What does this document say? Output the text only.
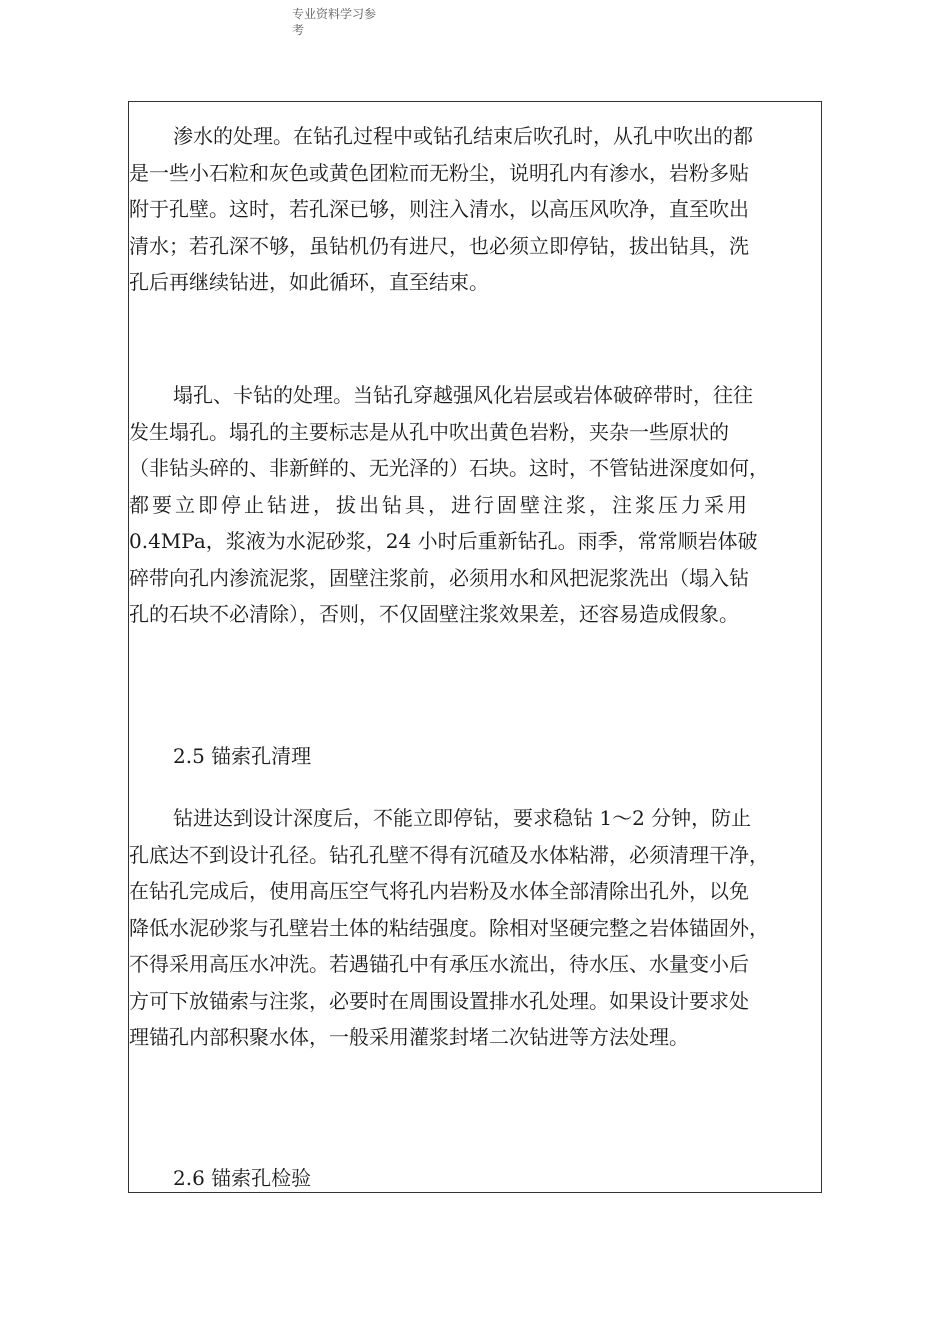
专业资料学习参
考
渗水的处理。在钻孔过程中或钻孔结束后吹孔时，从孔中吹出的都
是一些小石粒和灰色或黄色团粒而无粉尘，说明孔内有渗水，岩粉多贴
附于孔壁。这时，若孔深已够，则注入清水，以高压风吹净，直至吹出
清水；若孔深不够，虽钻机仍有进尺，也必须立即停钻，拔出钻具，洗
孔后再继续钻进，如此循环，直至结束。
塌孔、卡钻的处理。当钻孔穿越强风化岩层或岩体破碎带时，往往
发生塌孔。塌孔的主要标志是从孔中吹出黄色岩粉，夹杂一些原状的
（非钻头碎的、非新鲜的、无光泽的）石块。这时，不管钻进深度如何，
都要立即停止钻进，拔出钻具，进行固壁注浆，注浆压力采用
0.4MPa，浆液为水泥砂浆，24 小时后重新钻孔。雨季，常常顺岩体破
碎带向孔内渗流泥浆，固壁注浆前，必须用水和风把泥浆洗出（塌入钻
孔的石块不必清除），否则，不仅固壁注浆效果差，还容易造成假象。
2.5 锚索孔清理
钻进达到设计深度后，不能立即停钻，要求稳钻 1～2 分钟，防止
孔底达不到设计孔径。钻孔孔壁不得有沉碴及水体粘滞，必须清理干净，
在钻孔完成后，使用高压空气将孔内岩粉及水体全部清除出孔外，以免
降低水泥砂浆与孔壁岩土体的粘结强度。除相对坚硬完整之岩体锚固外，
不得采用高压水冲洗。若遇锚孔中有承压水流出，待水压、水量变小后
方可下放锚索与注浆，必要时在周围设置排水孔处理。如果设计要求处
理锚孔内部积聚水体，一般采用灌浆封堵二次钻进等方法处理。
2.6 锚索孔检验
